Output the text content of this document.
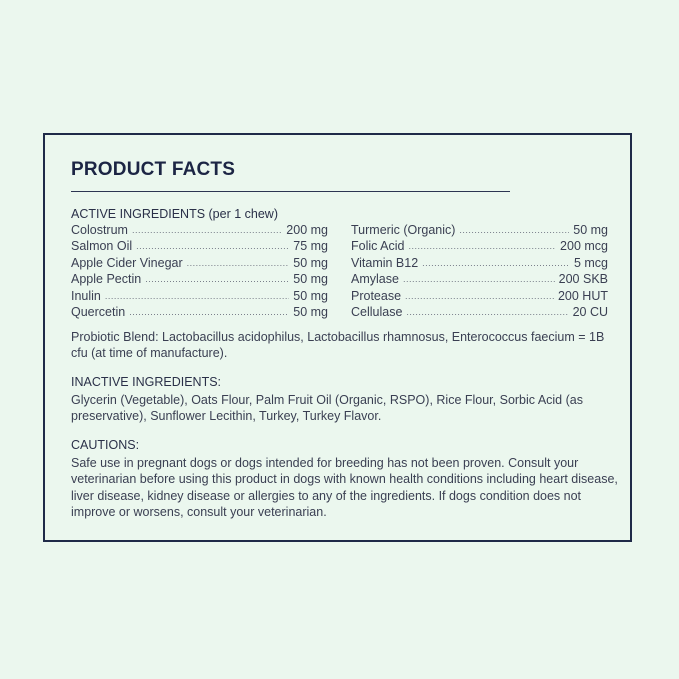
PRODUCT FACTS

ACTIVE INGREDIENTS (per 1 chew)

Colostrum .....	200 mg
Salmon Oil .....	75 mg
Apple Cider Vinegar .....	50 mg
Apple Pectin .....	50 mg
Inulin .....	50 mg
Quercetin .....	50 mg
Turmeric (Organic) .....	50 mg
Folic Acid .....	200 mcg
Vitamin B12 .....	5 mcg
Amylase .....	200 SKB
Protease .....	200 HUT
Cellulase .....	20 CU

Probiotic Blend: Lactobacillus acidophilus, Lactobacillus rhamnosus, Enterococcus faecium = 1B cfu (at time of manufacture).

INACTIVE INGREDIENTS:

Glycerin (Vegetable), Oats Flour, Palm Fruit Oil (Organic, RSPO), Rice Flour, Sorbic Acid (as preservative), Sunflower Lecithin, Turkey, Turkey Flavor.

CAUTIONS:

Safe use in pregnant dogs or dogs intended for breeding has not been proven. Consult your veterinarian before using this product in dogs with known health conditions including heart disease, liver disease, kidney disease or allergies to any of the ingredients. If dogs condition does not improve or worsens, consult your veterinarian.
